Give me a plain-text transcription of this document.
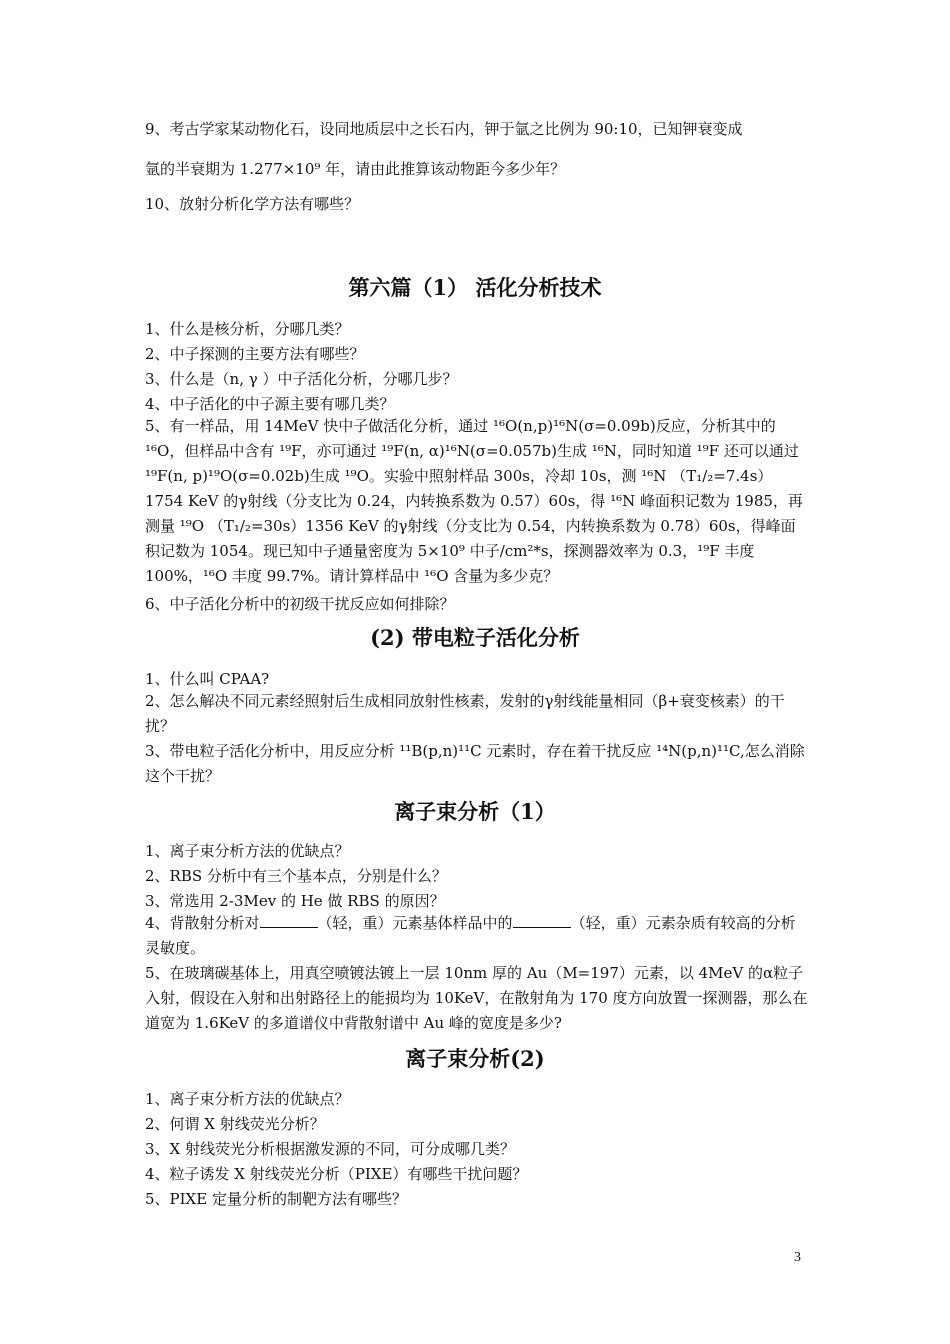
9、考古学家某动物化石，设同地质层中之长石内，钾于氩之比例为 90:10，已知钾衰变成

氩的半衰期为 1.277×10⁹ 年，请由此推算该动物距今多少年？

10、放射分析化学方法有哪些？

第六篇（1） 活化分析技术

1、什么是核分析，分哪几类？

2、中子探测的主要方法有哪些？

3、什么是（n, γ ）中子活化分析，分哪几步？

4、中子活化的中子源主要有哪几类？

5、有一样品，用 14MeV 快中子做活化分析，通过 ¹⁶O(n,p)¹⁶N(σ=0.09b)反应，分析其中的 ¹⁶O，但样品中含有 ¹⁹F，亦可通过 ¹⁹F(n, α)¹⁶N(σ=0.057b)生成 ¹⁶N，同时知道 ¹⁹F 还可以通过 ¹⁹F(n, p)¹⁹O(σ=0.02b)生成 ¹⁹O。实验中照射样品 300s，冷却 10s，测 ¹⁶N （T₁/₂=7.4s）1754 KeV 的γ射线（分支比为 0.24，内转换系数为 0.57）60s，得 ¹⁶N 峰面积记数为 1985，再测量 ¹⁹O （T₁/₂=30s）1356 KeV 的γ射线（分支比为 0.54，内转换系数为 0.78）60s，得峰面积记数为 1054。现已知中子通量密度为 5×10⁹ 中子/cm²*s，探测器效率为 0.3，¹⁹F 丰度 100%，¹⁶O 丰度 99.7%。请计算样品中 ¹⁶O 含量为多少克？

6、中子活化分析中的初级干扰反应如何排除？

(2) 带电粒子活化分析

1、什么叫 CPAA?

2、怎么解决不同元素经照射后生成相同放射性核素，发射的γ射线能量相同（β+衰变核素）的干扰？

3、带电粒子活化分析中，用反应分析 ¹¹B(p,n)¹¹C 元素时，存在着干扰反应 ¹⁴N(p,n)¹¹C,怎么消除这个干扰？

离子束分析（1）

1、离子束分析方法的优缺点？

2、RBS 分析中有三个基本点，分别是什么？

3、常选用 2-3Mev 的 He 做 RBS 的原因？

4、背散射分析对	（轻，重）元素基体样品中的	（轻，重）元素杂质有较高的分析灵敏度。

5、在玻璃碳基体上，用真空喷镀法镀上一层 10nm 厚的 Au（M=197）元素，以 4MeV 的α粒子入射，假设在入射和出射路径上的能损均为 10KeV，在散射角为 170 度方向放置一探测器，那么在道宽为 1.6KeV 的多道谱仪中背散射谱中 Au 峰的宽度是多少?

离子束分析(2)

1、离子束分析方法的优缺点？

2、何谓 X 射线荧光分析？

3、X 射线荧光分析根据激发源的不同，可分成哪几类？

4、粒子诱发 X 射线荧光分析（PIXE）有哪些干扰问题？

5、PIXE 定量分析的制靶方法有哪些？

3
